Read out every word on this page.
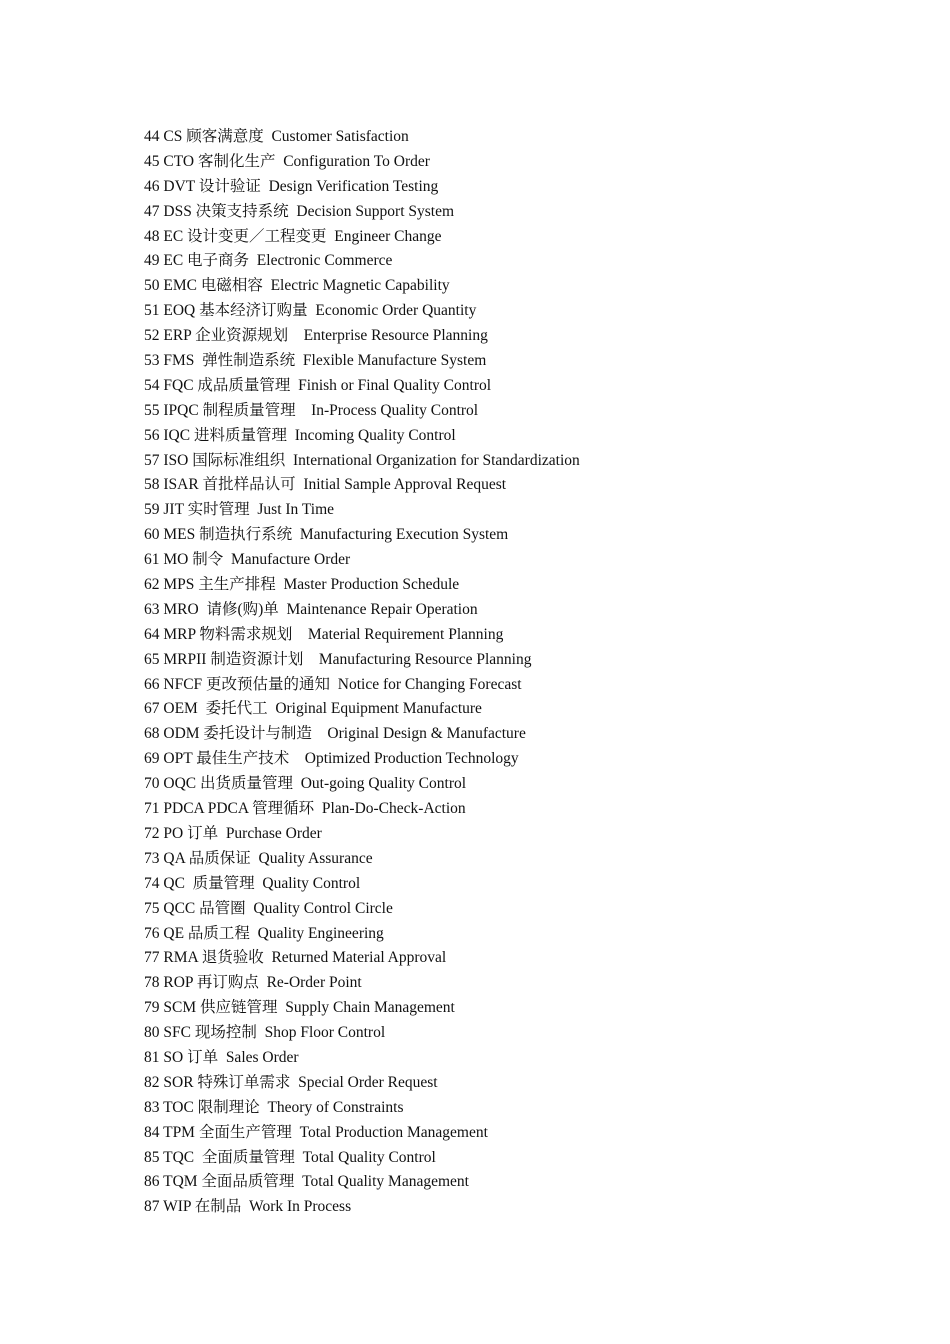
44 CS 顾客满意度  Customer Satisfaction
45 CTO 客制化生产  Configuration To Order
46 DVT 设计验证  Design Verification Testing
47 DSS 决策支持系统  Decision Support System
48 EC 设计变更／工程变更  Engineer Change
49 EC 电子商务  Electronic Commerce
50 EMC 电磁相容  Electric Magnetic Capability
51 EOQ 基本经济订购量  Economic Order Quantity
52 ERP 企业资源规划    Enterprise Resource Planning
53 FMS  弹性制造系统  Flexible Manufacture System
54 FQC 成品质量管理  Finish or Final Quality Control
55 IPQC 制程质量管理    In-Process Quality Control
56 IQC 进料质量管理  Incoming Quality Control
57 ISO 国际标准组织  International Organization for Standardization
58 ISAR 首批样品认可  Initial Sample Approval Request
59 JIT 实时管理  Just In Time
60 MES 制造执行系统  Manufacturing Execution System
61 MO 制令  Manufacture Order
62 MPS 主生产排程  Master Production Schedule
63 MRO  请修(购)单  Maintenance Repair Operation
64 MRP 物料需求规划    Material Requirement Planning
65 MRPII 制造资源计划    Manufacturing Resource Planning
66 NFCF 更改预估量的通知  Notice for Changing Forecast
67 OEM  委托代工  Original Equipment Manufacture
68 ODM 委托设计与制造    Original Design & Manufacture
69 OPT 最佳生产技术    Optimized Production Technology
70 OQC 出货质量管理  Out-going Quality Control
71 PDCA PDCA 管理循环  Plan-Do-Check-Action
72 PO 订单  Purchase Order
73 QA 品质保证  Quality Assurance
74 QC  质量管理  Quality Control
75 QCC 品管圈  Quality Control Circle
76 QE 品质工程  Quality Engineering
77 RMA 退货验收  Returned Material Approval
78 ROP 再订购点  Re-Order Point
79 SCM 供应链管理  Supply Chain Management
80 SFC 现场控制  Shop Floor Control
81 SO 订单  Sales Order
82 SOR 特殊订单需求  Special Order Request
83 TOC 限制理论  Theory of Constraints
84 TPM 全面生产管理  Total Production Management
85 TQC  全面质量管理  Total Quality Control
86 TQM 全面品质管理  Total Quality Management
87 WIP 在制品  Work In Process
